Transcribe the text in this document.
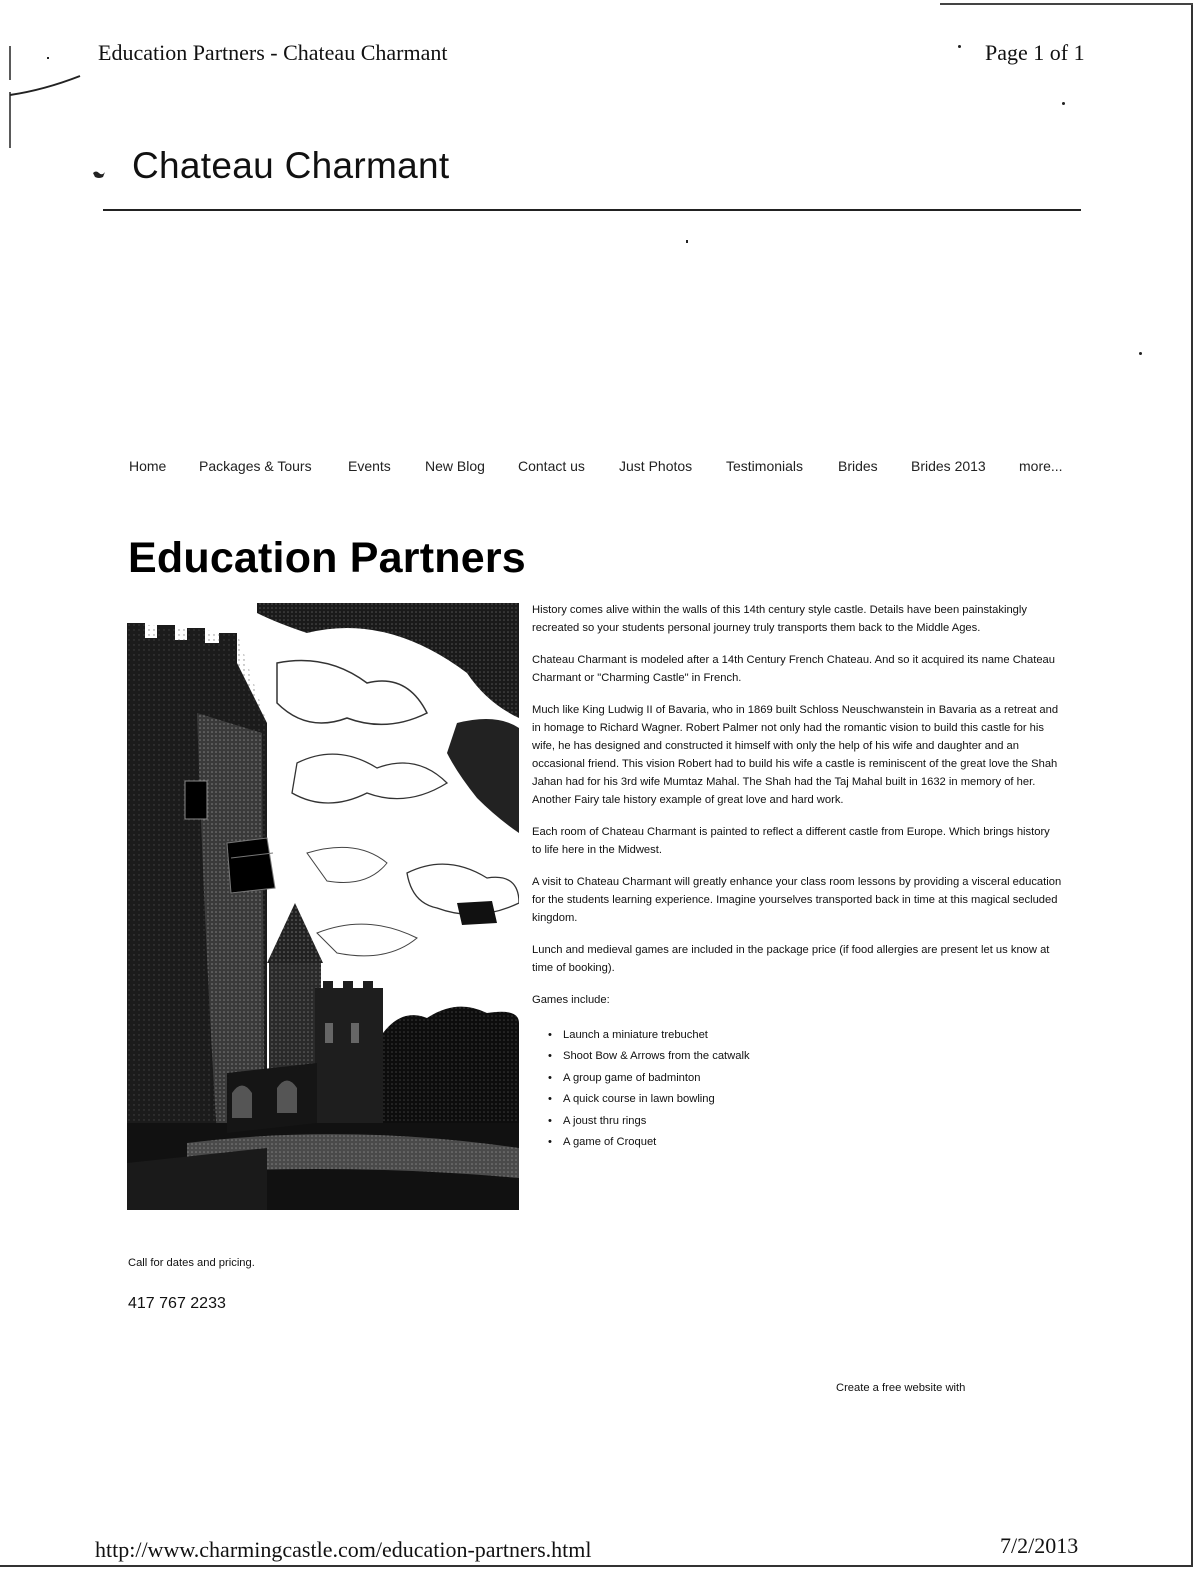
Education Partners - Chateau Charmant	Page 1 of 1
Chateau Charmant
Home Packages & Tours	Events New Blog Contact us Just Photos Testimonials Brides Brides 2013 more...
Education Partners

History comes alive within the walls of this 14th century style castle. Details have been painstakingly recreated so your students personal journey truly transports them back to the Middle Ages.

Chateau Charmant is modeled after a 14th Century French Chateau. And so it acquired its name Chateau Charmant or "Charming Castle" in French.

Much like King Ludwig II of Bavaria, who in 1869 built Schloss Neuschwanstein in Bavaria as a retreat and in homage to Richard Wagner. Robert Palmer not only had the romantic vision to build this castle for his wife, he has designed and constructed it himself with only the help of his wife and daughter and an occasional friend. This vision Robert had to build his wife a castle is reminiscent of the great love the Shah Jahan had for his 3rd wife Mumtaz Mahal. The Shah had the Taj Mahal built in 1632 in memory of her. Another Fairy tale history example of great love and hard work.

Each room of Chateau Charmant is painted to reflect a different castle from Europe. Which brings history to life here in the Midwest.

A visit to Chateau Charmant will greatly enhance your class room lessons by providing a visceral education for the students learning experience. Imagine yourselves transported back in time at this magical secluded kingdom.

Lunch and medieval games are included in the package price (if food allergies are present let us know at time of booking).

Games include:

• Launch a miniature trebuchet
• Shoot Bow & Arrows from the catwalk
• A group game of badminton
• A quick course in lawn bowling
• A joust thru rings
• A game of Croquet
Call for dates and pricing.
417 767 2233
Create a free website with
http://www.charmingcastle.com/education-partners.html	7/2/2013
